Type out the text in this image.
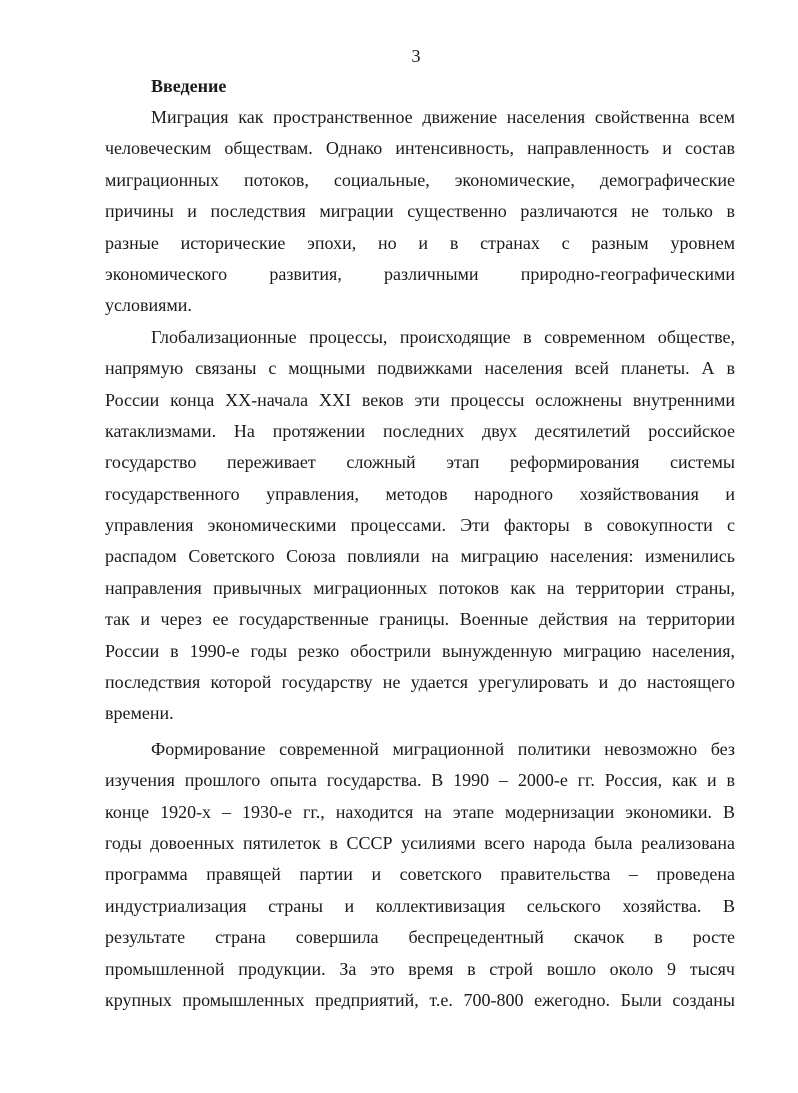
3
Введение
Миграция как пространственное движение населения свойственна всем
человеческим обществам. Однако интенсивность, направленность и состав
миграционных потоков, социальные, экономические, демографические
причины и последствия миграции существенно различаются не только в
разные исторические эпохи, но и в странах с разным уровнем
экономического развития, различными природно-географическими
условиями.
Глобализационные процессы, происходящие в современном обществе,
напрямую связаны с мощными подвижками населения всей планеты. А в
России конца XX-начала XXI веков эти процессы осложнены внутренними
катаклизмами. На протяжении последних двух десятилетий российское
государство переживает сложный этап реформирования системы
государственного управления, методов народного хозяйствования и
управления экономическими процессами. Эти факторы в совокупности с
распадом Советского Союза повлияли на миграцию населения: изменились
направления привычных миграционных потоков как на территории страны,
так и через ее государственные границы. Военные действия на территории
России в 1990-е годы резко обострили вынужденную миграцию населения,
последствия которой государству не удается урегулировать и до настоящего
времени.
Формирование современной миграционной политики невозможно без
изучения прошлого опыта государства. В 1990 – 2000-е гг. Россия, как и в
конце 1920-х – 1930-е гг., находится на этапе модернизации экономики. В
годы довоенных пятилеток в СССР усилиями всего народа была реализована
программа правящей партии и советского правительства – проведена
индустриализация страны и коллективизация сельского хозяйства. В
результате страна совершила беспрецедентный скачок в росте
промышленной продукции. За это время в строй вошло около 9 тысяч
крупных промышленных предприятий, т.е. 700-800 ежегодно. Были созданы
